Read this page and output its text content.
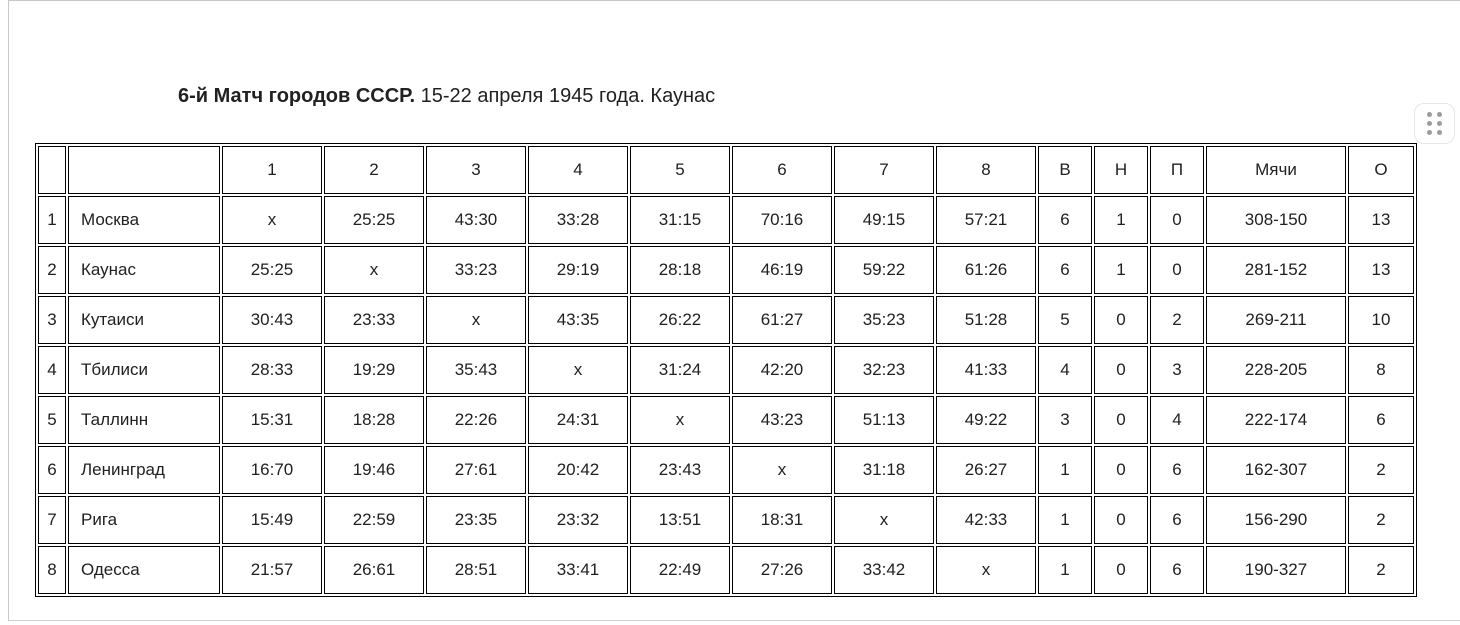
6-й Матч городов СССР. 15-22 апреля 1945 года. Каунас
		1	2	3	4	5	6	7	8	В	Н	П	Мячи	О
1	Москва	x	25:25	43:30	33:28	31:15	70:16	49:15	57:21	6	1	0	308-150	13
2	Каунас	25:25	x	33:23	29:19	28:18	46:19	59:22	61:26	6	1	0	281-152	13
3	Кутаиси	30:43	23:33	x	43:35	26:22	61:27	35:23	51:28	5	0	2	269-211	10
4	Тбилиси	28:33	19:29	35:43	x	31:24	42:20	32:23	41:33	4	0	3	228-205	8
5	Таллинн	15:31	18:28	22:26	24:31	x	43:23	51:13	49:22	3	0	4	222-174	6
6	Ленинград	16:70	19:46	27:61	20:42	23:43	x	31:18	26:27	1	0	6	162-307	2
7	Рига	15:49	22:59	23:35	23:32	13:51	18:31	x	42:33	1	0	6	156-290	2
8	Одесса	21:57	26:61	28:51	33:41	22:49	27:26	33:42	x	1	0	6	190-327	2
